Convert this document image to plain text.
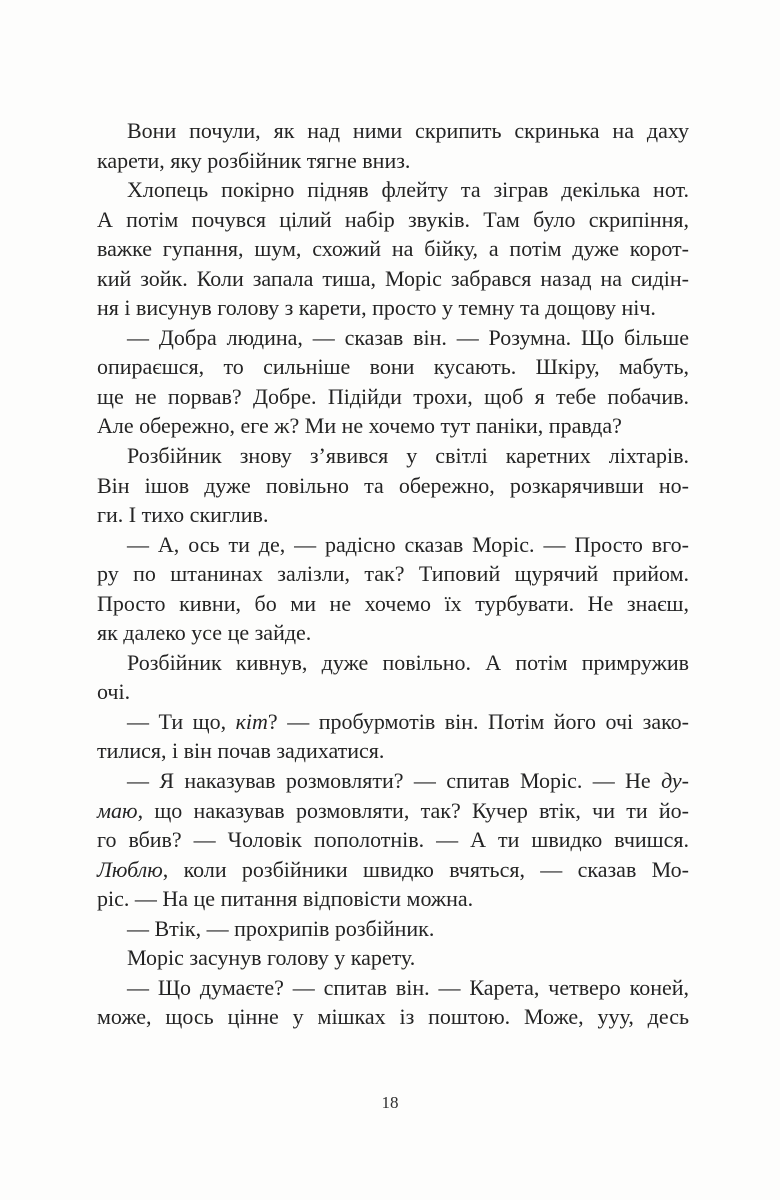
Вони почули, як над ними скрипить скринька на даху
карети, яку розбійник тягне вниз.
Хлопець покірно підняв флейту та зіграв декілька нот.
А потім почувся цілий набір звуків. Там було скрипіння,
важке гупання, шум, схожий на бійку, а потім дуже корот-
кий зойк. Коли запала тиша, Моріс забрався назад на сидін-
ня і висунув голову з карети, просто у темну та дощову ніч.
— Добра людина, — сказав він. — Розумна. Що більше
опираєшся, то сильніше вони кусають. Шкіру, мабуть,
ще не порвав? Добре. Підійди трохи, щоб я тебе побачив.
Але обережно, еге ж? Ми не хочемо тут паніки, правда?
Розбійник знову з’явився у світлі каретних ліхтарів.
Він ішов дуже повільно та обережно, розкарячивши но-
ги. І тихо скиглив.
— А, ось ти де, — радісно сказав Моріс. — Просто вго-
ру по штанинах залізли, так? Типовий щурячий прийом.
Просто кивни, бо ми не хочемо їх турбувати. Не знаєш,
як далеко усе це зайде.
Розбійник кивнув, дуже повільно. А потім примружив
очі.
— Ти що, кіт? — пробурмотів він. Потім його очі зако-
тилися, і він почав задихатися.
— Я наказував розмовляти? — спитав Моріс. — Не ду-
маю, що наказував розмовляти, так? Кучер втік, чи ти йо-
го вбив? — Чоловік пополотнів. — А ти швидко вчишся.
Люблю, коли розбійники швидко вчяться, — сказав Мо-
ріс. — На це питання відповісти можна.
— Втік, — прохрипів розбійник.
Моріс засунув голову у карету.
— Що думаєте? — спитав він. — Карета, четверо коней,
може, щось цінне у мішках із поштою. Може, ууу, десь
18
